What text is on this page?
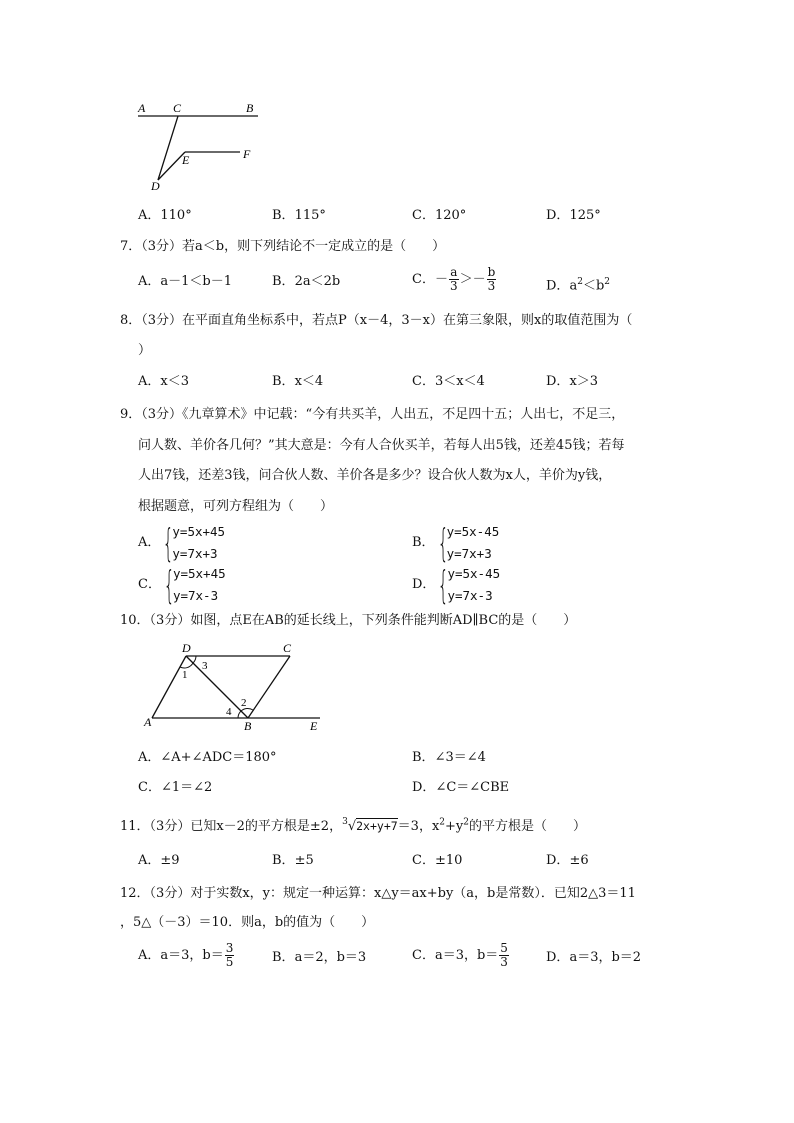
A C	B
E	F
D
A．110°	B．115°	C．120°	D．125°
7．（3分）若a＜b，则下列结论不一定成立的是（　　）
A．a－1＜b－1	B．2a＜2b	C．－ $\frac{a}{3} >- \frac{b}{3}$	D．$a^2<b^2$
8．（3分）在平面直角坐标系中，若点P（x－4，3－x）在第三象限，则x的取值范围为（
）
A．x＜3	B．x＜4	C．3＜x＜4	D．x＞3
9．（3分）《九章算术》中记载：“今有共买羊，人出五，不足四十五；人出七，不足三，
问人数、羊价各几何？”其大意是：今有人合伙买羊，若每人出5钱，还差45钱；若每
人出7钱，还差3钱，问合伙人数、羊价各是多少？设合伙人数为x人，羊价为y钱，
根据题意，可列方程组为（　　）
A． {
y=5x+45
y=7x+3
B． {
y=5x-45
y=7x+3
C． {
y=5x+45
y=7x-3
D． {
y=5x-45
y=7x-3
10．（3分）如图，点E在AB的延长线上，下列条件能判断AD∥BC的是（　　）
D	C
A	B	E
1
3
2
4
A．∠A+∠ADC＝180°	B．∠3＝∠4
C．∠1＝∠2	D．∠C＝∠CBE
11．（3分）已知x－2的平方根是±2，$^3$√2x+y+7＝3，$x^2+y^2$的平方根是（　　）
A．±9	B．±5	C．±10	D．±6
12．（3分）对于实数x，y：规定一种运算：x△y＝ax+by（a，b是常数）．已知2△3＝11
，5△（－3）＝10．则a，b的值为（　　）
A．a＝3，$b= \frac{3}{5}$	B．a＝2，b＝3	C．a＝3，$b= \frac{5}{3}$	D．a＝3，b＝2
